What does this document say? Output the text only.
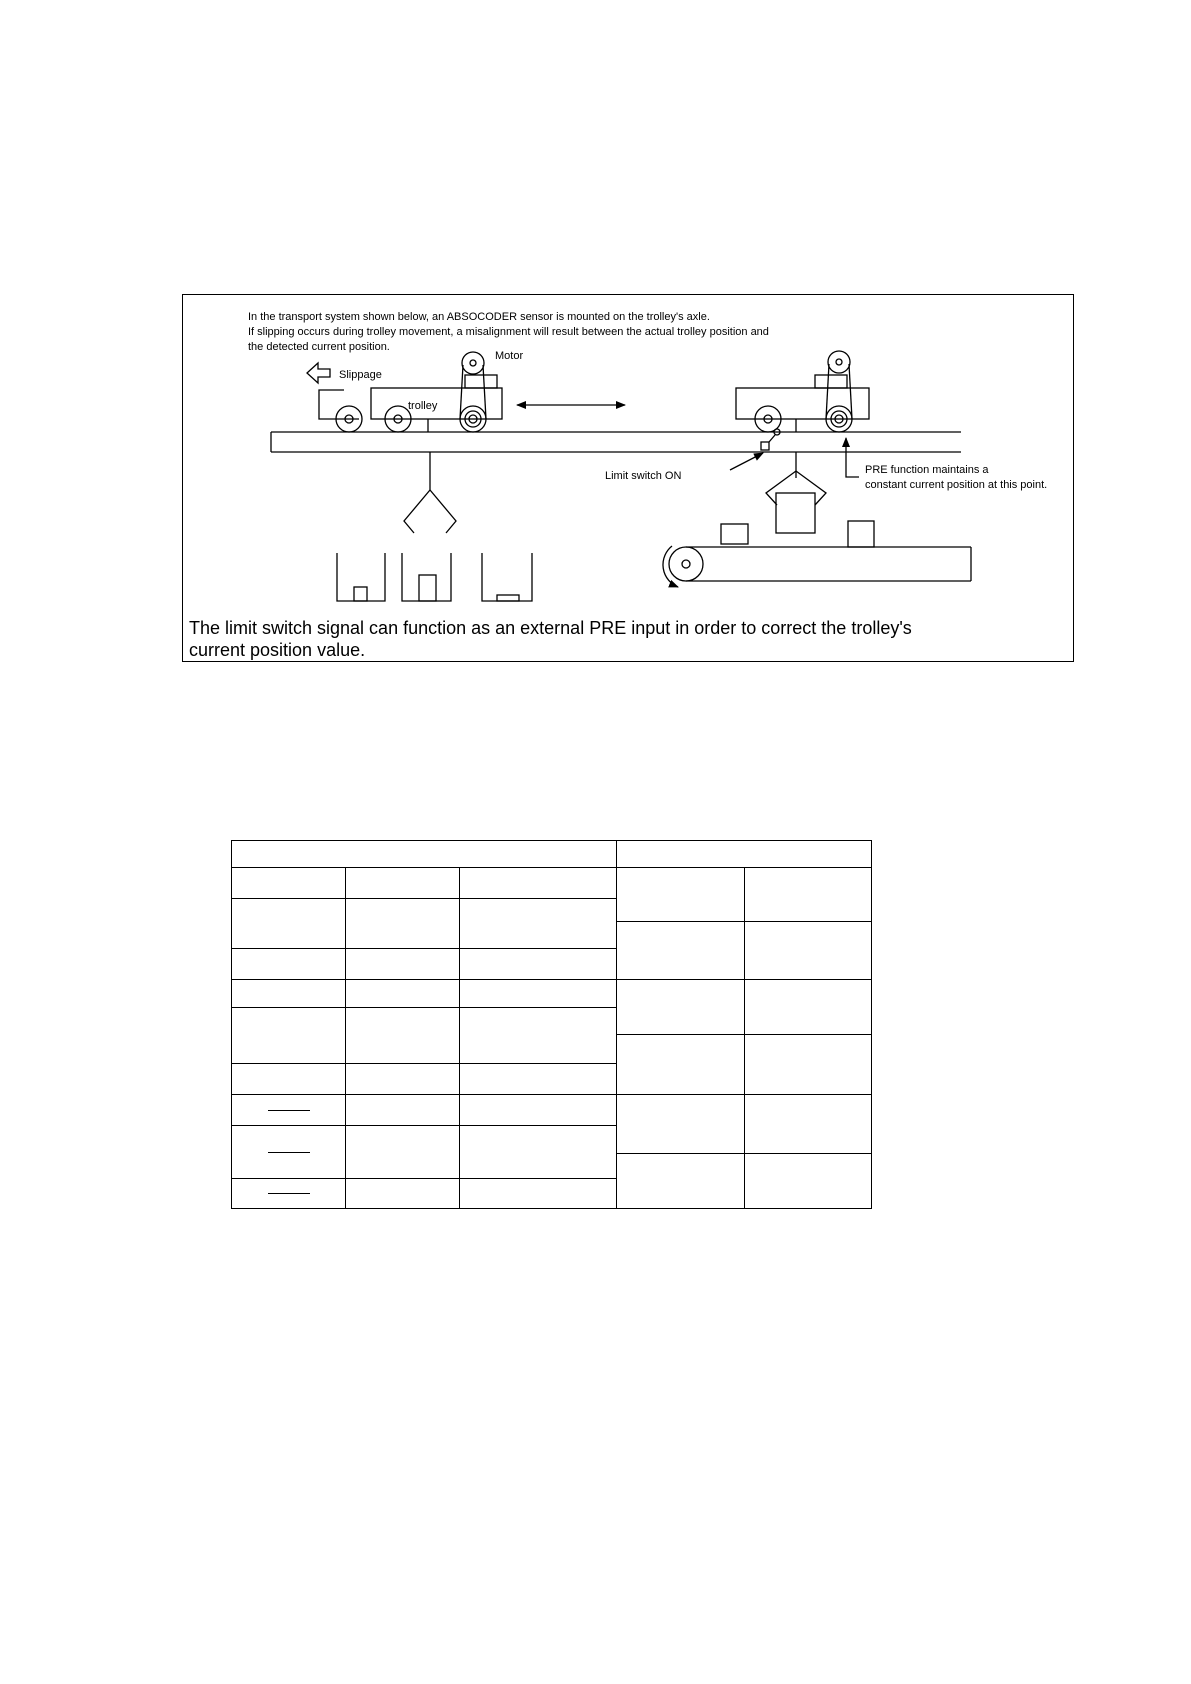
In the transport system shown below, an ABSOCODER sensor is mounted on the trolley's axle.
If slipping occurs during trolley movement, a misalignment will result between the actual trolley position and
the detected current position.

Motor
Slippage
trolley
Limit switch ON	PRE function maintains a
constant current position at this point.

The limit switch signal can function as an external PRE input in order to correct the trolley's
current position value.
